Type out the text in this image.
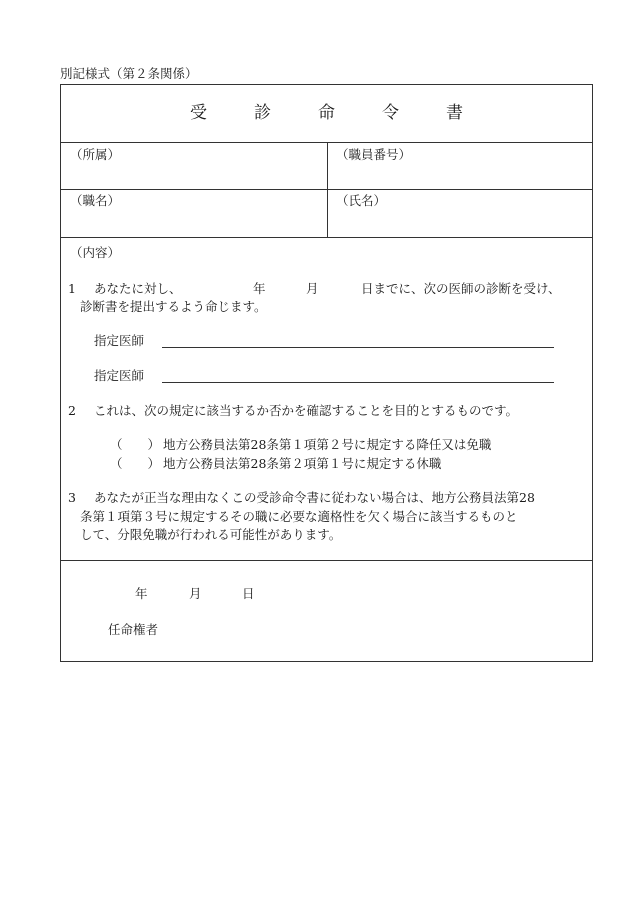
別記様式（第２条関係）
受　診　命　令　書
（所属）	（職員番号）
（職名）	（氏名）
（内容）
1 あなたに対し、	年	月	日までに、次の医師の診断を受け、
診断書を提出するよう命じます。
指定医師
指定医師
2 これは、次の規定に該当するか否かを確認することを目的とするものです。
（　　） 地方公務員法第28条第１項第２号に規定する降任又は免職
（　　） 地方公務員法第28条第２項第１号に規定する休職
3 あなたが正当な理由なくこの受診命令書に従わない場合は、地方公務員法第28
条第１項第３号に規定するその職に必要な適格性を欠く場合に該当するものと
して、分限免職が行われる可能性があります。
年	月	日
任命権者
